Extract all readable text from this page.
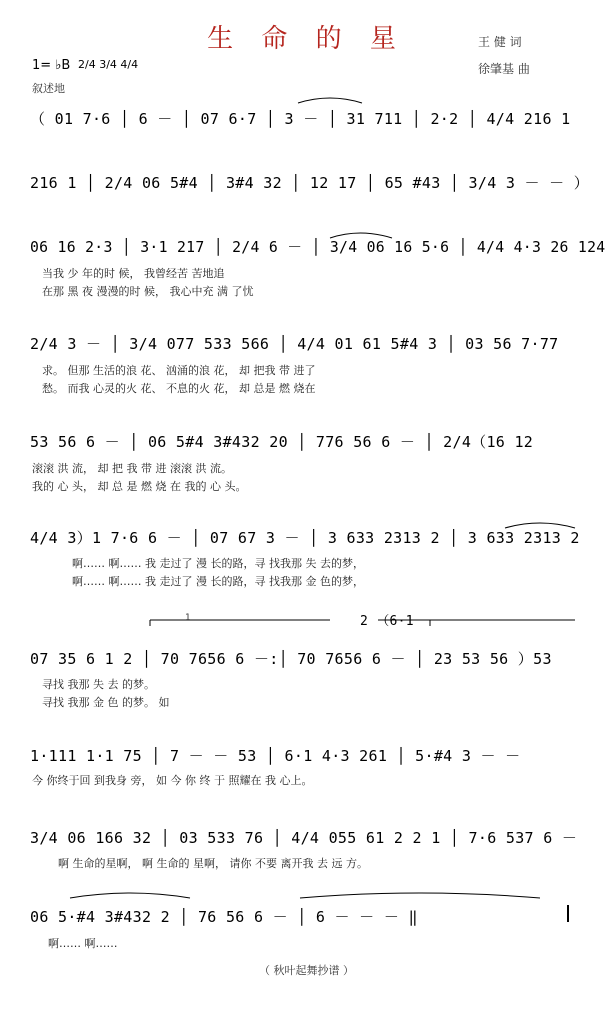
生 命 的 星	王 健 词
徐肇基 曲
1= ♭B 2/4 3/4 4/4
叙述地
（ 01 7·6 │ 6 － │ 07 6·7 │ 3 － │ 31 711 │ 2·2 │ 4/4 216 1
216 1 │ 2/4 06 5#4 │ 3#4 32 │ 12 17 │ 65 #43 │ 3/4 3 － － ）
06 16 2·3 │ 3·1 217 │ 2/4 6 － │ 3/4 06 16 5·6 │ 4/4 4·3 26 124
当我 少 年的时 候， 我曾经苦 苦地追
在那 黑 夜 漫漫的时 候， 我心中充 满 了忧
2/4 3 － │ 3/4 077 533 566 │ 4/4 01 61 5#4 3 │ 03 56 7·77
求。 但那 生活的浪 花、 汹涌的浪 花， 却 把我 带 进了
愁。 而我 心灵的火 花、 不息的火 花， 却 总是 燃 烧在
53 56 6 － │ 06 5#4 3#432 20 │ 776 56 6 － │ 2/4（16 12
滚滚 洪 流， 却 把 我 带 进 滚滚 洪 流。
我的 心 头， 却 总 是 燃 烧 在 我的 心 头。
4/4 3）1 7·6 6 － │ 07 67 3 － │ 3 633 2313 2 │ 3 633 2313 2
啊…… 啊…… 我 走过了 漫 长的路，寻 找我那 失 去的梦，
啊…… 啊…… 我 走过了 漫 长的路，寻 找我那 金 色的梦，
1	2 （6·1
07 35 6 1 2 │ 70 7656 6 －:│ 70 7656 6 － │ 23 53 56 ）53
寻找 我那 失 去 的梦。
寻找 我那 金 色 的梦。 如
1·111 1·1 75 │ 7 － － 53 │ 6·1 4·3 261 │ 5·#4 3 － －
今 你终于回 到我身 旁， 如 今 你 终 于 照耀在 我 心上。
3/4 06 166 32 │ 03 533 76 │ 4/4 055 61 2 2 1 │ 7·6 537 6 －
啊 生命的星啊， 啊 生命的 星啊， 请你 不要 离开我 去 远 方。
06 5·#4 3#432 2 │ 76 56 6 － │ 6 － － － ‖
啊…… 啊……
（ 秋叶起舞抄谱 ）
